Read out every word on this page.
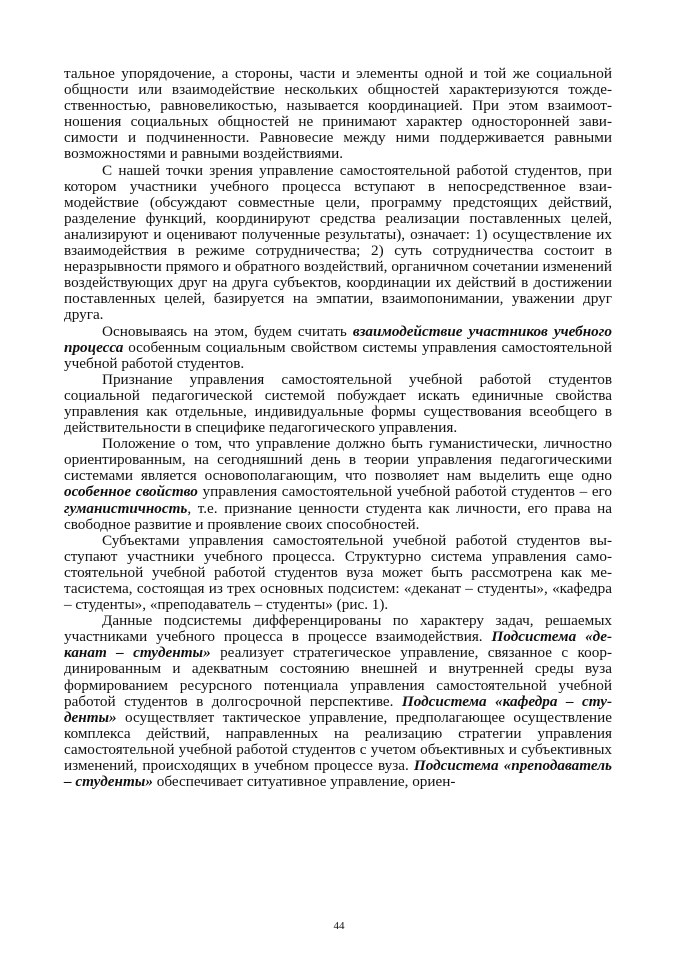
тальное упорядочение, а стороны, части и элементы одной и той же социальной общности или взаимодействие нескольких общностей характеризуются тождественностью, равновеликостью, называется координацией. При этом взаимоотношения социальных общностей не принимают характер односторонней зависимости и подчиненности. Равновесие между ними поддерживается равными возможностями и равными воздействиями.

С нашей точки зрения управление самостоятельной работой студентов, при котором участники учебного процесса вступают в непосредственное взаимодействие (обсуждают совместные цели, программу предстоящих действий, разделение функций, координируют средства реализации поставленных целей, анализируют и оценивают полученные результаты), означает: 1) осуществление их взаимодействия в режиме сотрудничества; 2) суть сотрудничества состоит в неразрывности прямого и обратного воздействий, органичном сочетании изменений воздействующих друг на друга субъектов, координации их действий в достижении поставленных целей, базируется на эмпатии, взаимопонимании, уважении друг друга.

Основываясь на этом, будем считать взаимодействие участников учебного процесса особенным социальным свойством системы управления самостоятельной учебной работой студентов.

Признание управления самостоятельной учебной работой студентов социальной педагогической системой побуждает искать единичные свойства управления как отдельные, индивидуальные формы существования всеобщего в действительности в специфике педагогического управления.

Положение о том, что управление должно быть гуманистически, личностно ориентированным, на сегодняшний день в теории управления педагогическими системами является основополагающим, что позволяет нам выделить еще одно особенное свойство управления самостоятельной учебной работой студентов – его гуманистичность, т.е. признание ценности студента как личности, его права на свободное развитие и проявление своих способностей.

Субъектами управления самостоятельной учебной работой студентов выступают участники учебного процесса. Структурно система управления самостоятельной учебной работой студентов вуза может быть рассмотрена как метасистема, состоящая из трех основных подсистем: «деканат – студенты», «кафедра – студенты», «преподаватель – студенты» (рис. 1).

Данные подсистемы дифференцированы по характеру задач, решаемых участниками учебного процесса в процессе взаимодействия. Подсистема «деканат – студенты» реализует стратегическое управление, связанное с координированным и адекватным состоянию внешней и внутренней среды вуза формированием ресурсного потенциала управления самостоятельной учебной работой студентов в долгосрочной перспективе. Подсистема «кафедра – студенты» осуществляет тактическое управление, предполагающее осуществление комплекса действий, направленных на реализацию стратегии управления самостоятельной учебной работой студентов с учетом объективных и субъективных изменений, происходящих в учебном процессе вуза. Подсистема «преподаватель – студенты» обеспечивает ситуативное управление, ориен-

44
